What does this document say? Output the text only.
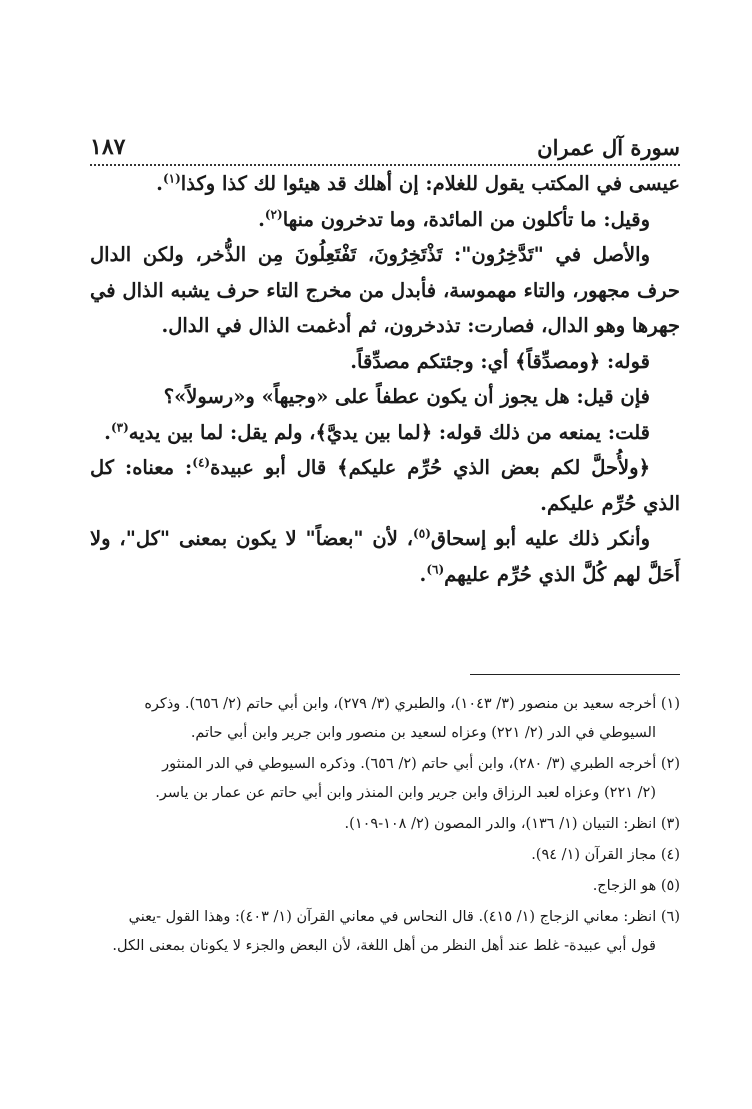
سورة آل عمران
١٨٧

عيسى في المكتب يقول للغلام: إن أهلك قد هيئوا لك كذا وكذا$^{(١)}$.

وقيل: ما تأكلون من المائدة، وما تدخرون منها$^{(٢)}$.

والأصل في "تَدَّخِرُون": تَذْتَخِرُونَ، تَفْتَعِلُونَ مِن الذُّخر، ولكن الدال حرف مجهور، والتاء مهموسة، فأبدل من مخرج التاء حرف يشبه الذال في جهرها وهو الدال، فصارت: تذدخرون، ثم أدغمت الذال في الدال.

قوله: ﴿ومصدِّقاً﴾ أي: وجئتكم مصدِّقاً.

فإن قيل: هل يجوز أن يكون عطفاً على «وجيهاً» و«رسولاً»؟

قلت: يمنعه من ذلك قوله: ﴿لما بين يديَّ﴾، ولم يقل: لما بين يديه$^{(٣)}$.

﴿ولأُحلَّ لكم بعض الذي حُرِّم عليكم﴾ قال أبو عبيدة$^{(٤)}$: معناه: كل الذي حُرِّم عليكم.

وأنكر ذلك عليه أبو إسحاق$^{(٥)}$، لأن "بعضاً" لا يكون بمعنى "كل"، ولا أَحَلَّ لهم كُلَّ الذي حُرِّم عليهم$^{(٦)}$.

(١) أخرجه سعيد بن منصور (٣/ ١٠٤٣)، والطبري (٣/ ٢٧٩)، وابن أبي حاتم (٢/ ٦٥٦). وذكره
السيوطي في الدر (٢/ ٢٢١) وعزاه لسعيد بن منصور وابن جرير وابن أبي حاتم.
(٢) أخرجه الطبري (٣/ ٢٨٠)، وابن أبي حاتم (٢/ ٦٥٦). وذكره السيوطي في الدر المنثور
(٢/ ٢٢١) وعزاه لعبد الرزاق وابن جرير وابن المنذر وابن أبي حاتم عن عمار بن ياسر.
(٣) انظر: التبيان (١/ ١٣٦)، والدر المصون (٢/ ١٠٨-١٠٩).
(٤) مجاز القرآن (١/ ٩٤).
(٥) هو الزجاج.
(٦) انظر: معاني الزجاج (١/ ٤١٥). قال النحاس في معاني القرآن (١/ ٤٠٣): وهذا القول -يعني
قول أبي عبيدة- غلط عند أهل النظر من أهل اللغة، لأن البعض والجزء لا يكونان بمعنى الكل.
